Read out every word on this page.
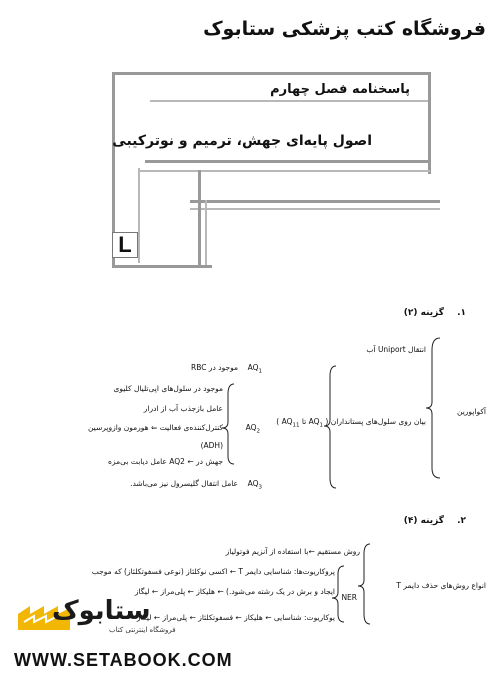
فروشگاه کتب پزشکی ستابوک
پاسخنامه فصل چهارم
اصول پایه‌ای جهش، ترمیم و نوترکیبی
L
۱.
گزینه (۲)
آکواپورین
انتقال Uniport آب
بیان روی سلول‌های پستانداران ( $AQ_1$ تا $AQ_{11}$ )
$AQ_1$
موجود در RBC
$AQ_2$
موجود در سلول‌های اپی‌تلیال کلیوی
عامل بازجذب آب از ادرار
کنترل‌کننده‌ی فعالیت ⇐ هورمون وازوپرسین
(ADH)
جهش در ← AQ2 عامل دیابت بی‌مزه
$AQ_3$
عامل انتقال گلیسرول نیز می‌باشد.
۲.
گزینه (۴)
انواع روش‌های حذف دایمر T
روش مستقیم ←با استفاده از آنزیم فوتولیاز
NER
پروکاریوت‌ها: شناسایی دایمر T ← اکسی نوکلئاز (نوعی فسفوتکلئاز) که موجب
ایجاد و برش در یک رشته می‌شود.) ← هلیکاز ← پلی‌مراز ← لیگاز
یوکاریوت: شناسایی ← هلیکاز ← فسفوتکلئاز ← پلی‌مراز ← لیگاز
ستابوک
فروشگاه اینترنتی کتاب
WWW.SETABOOK.COM
